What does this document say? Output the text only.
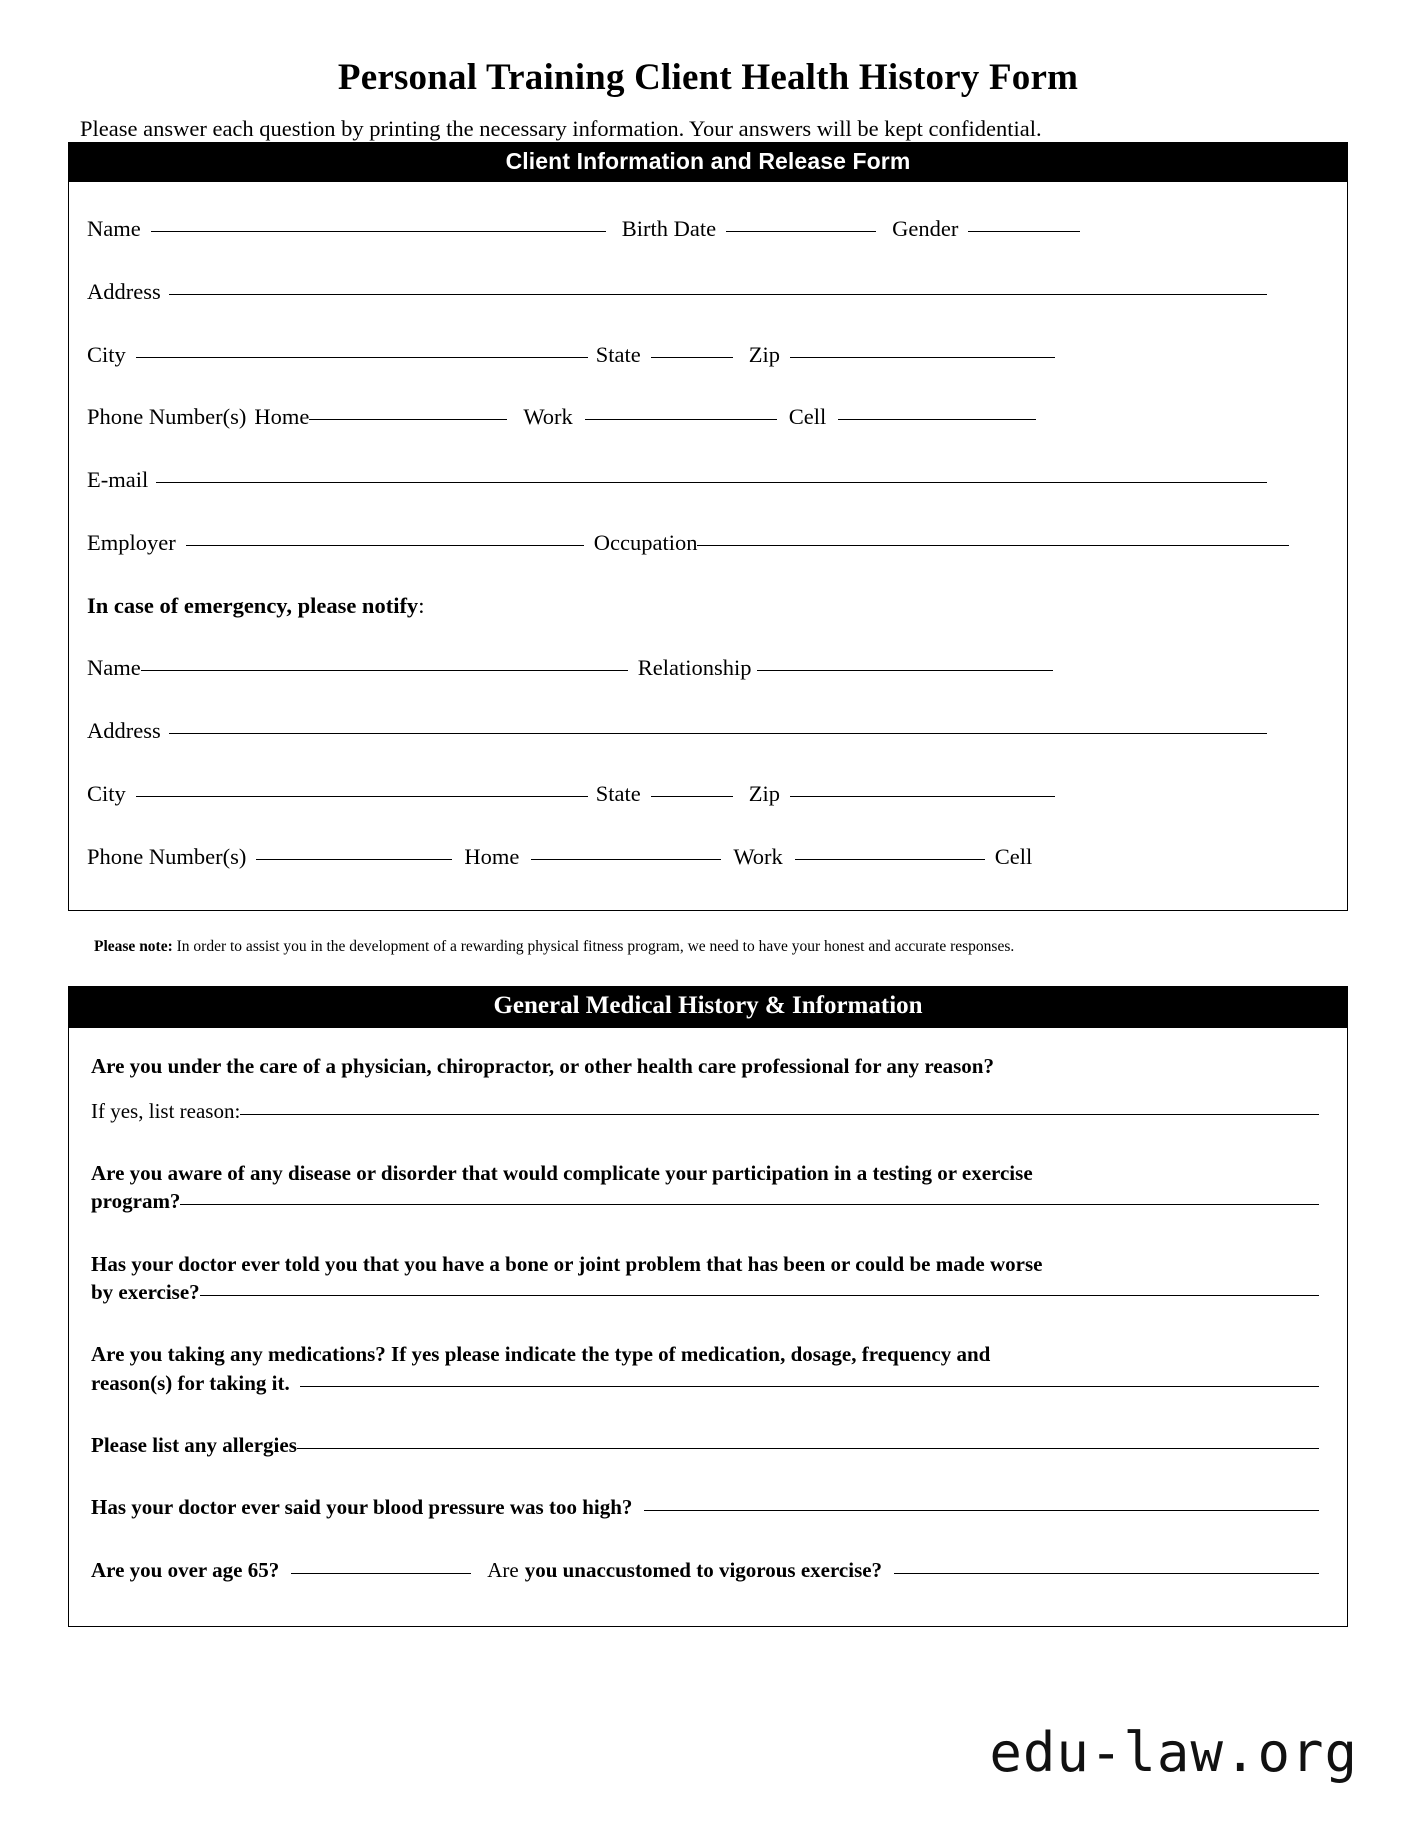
Personal Training Client Health History Form

Please answer each question by printing the necessary information. Your answers will be kept confidential.

Client Information and Release Form
Name	Birth Date	Gender
Address
City	State	Zip
Phone Number(s) Home	Work	Cell
E-mail
Employer	Occupation
In case of emergency, please notify:
Name	Relationship
Address
City	State	Zip
Phone Number(s)	Home	Work	Cell
Please note: In order to assist you in the development of a rewarding physical fitness program, we need to have your honest and accurate responses.
General Medical History & Information
Are you under the care of a physician, chiropractor, or other health care professional for any reason?
If yes, list reason:
Are you aware of any disease or disorder that would complicate your participation in a testing or exercise
program?
Has your doctor ever told you that you have a bone or joint problem that has been or could be made worse
by exercise?
Are you taking any medications? If yes please indicate the type of medication, dosage, frequency and
reason(s) for taking it.
Please list any allergies
Has your doctor ever said your blood pressure was too high?
Are you over age 65?	Are you unaccustomed to vigorous exercise?
edu-law.org
